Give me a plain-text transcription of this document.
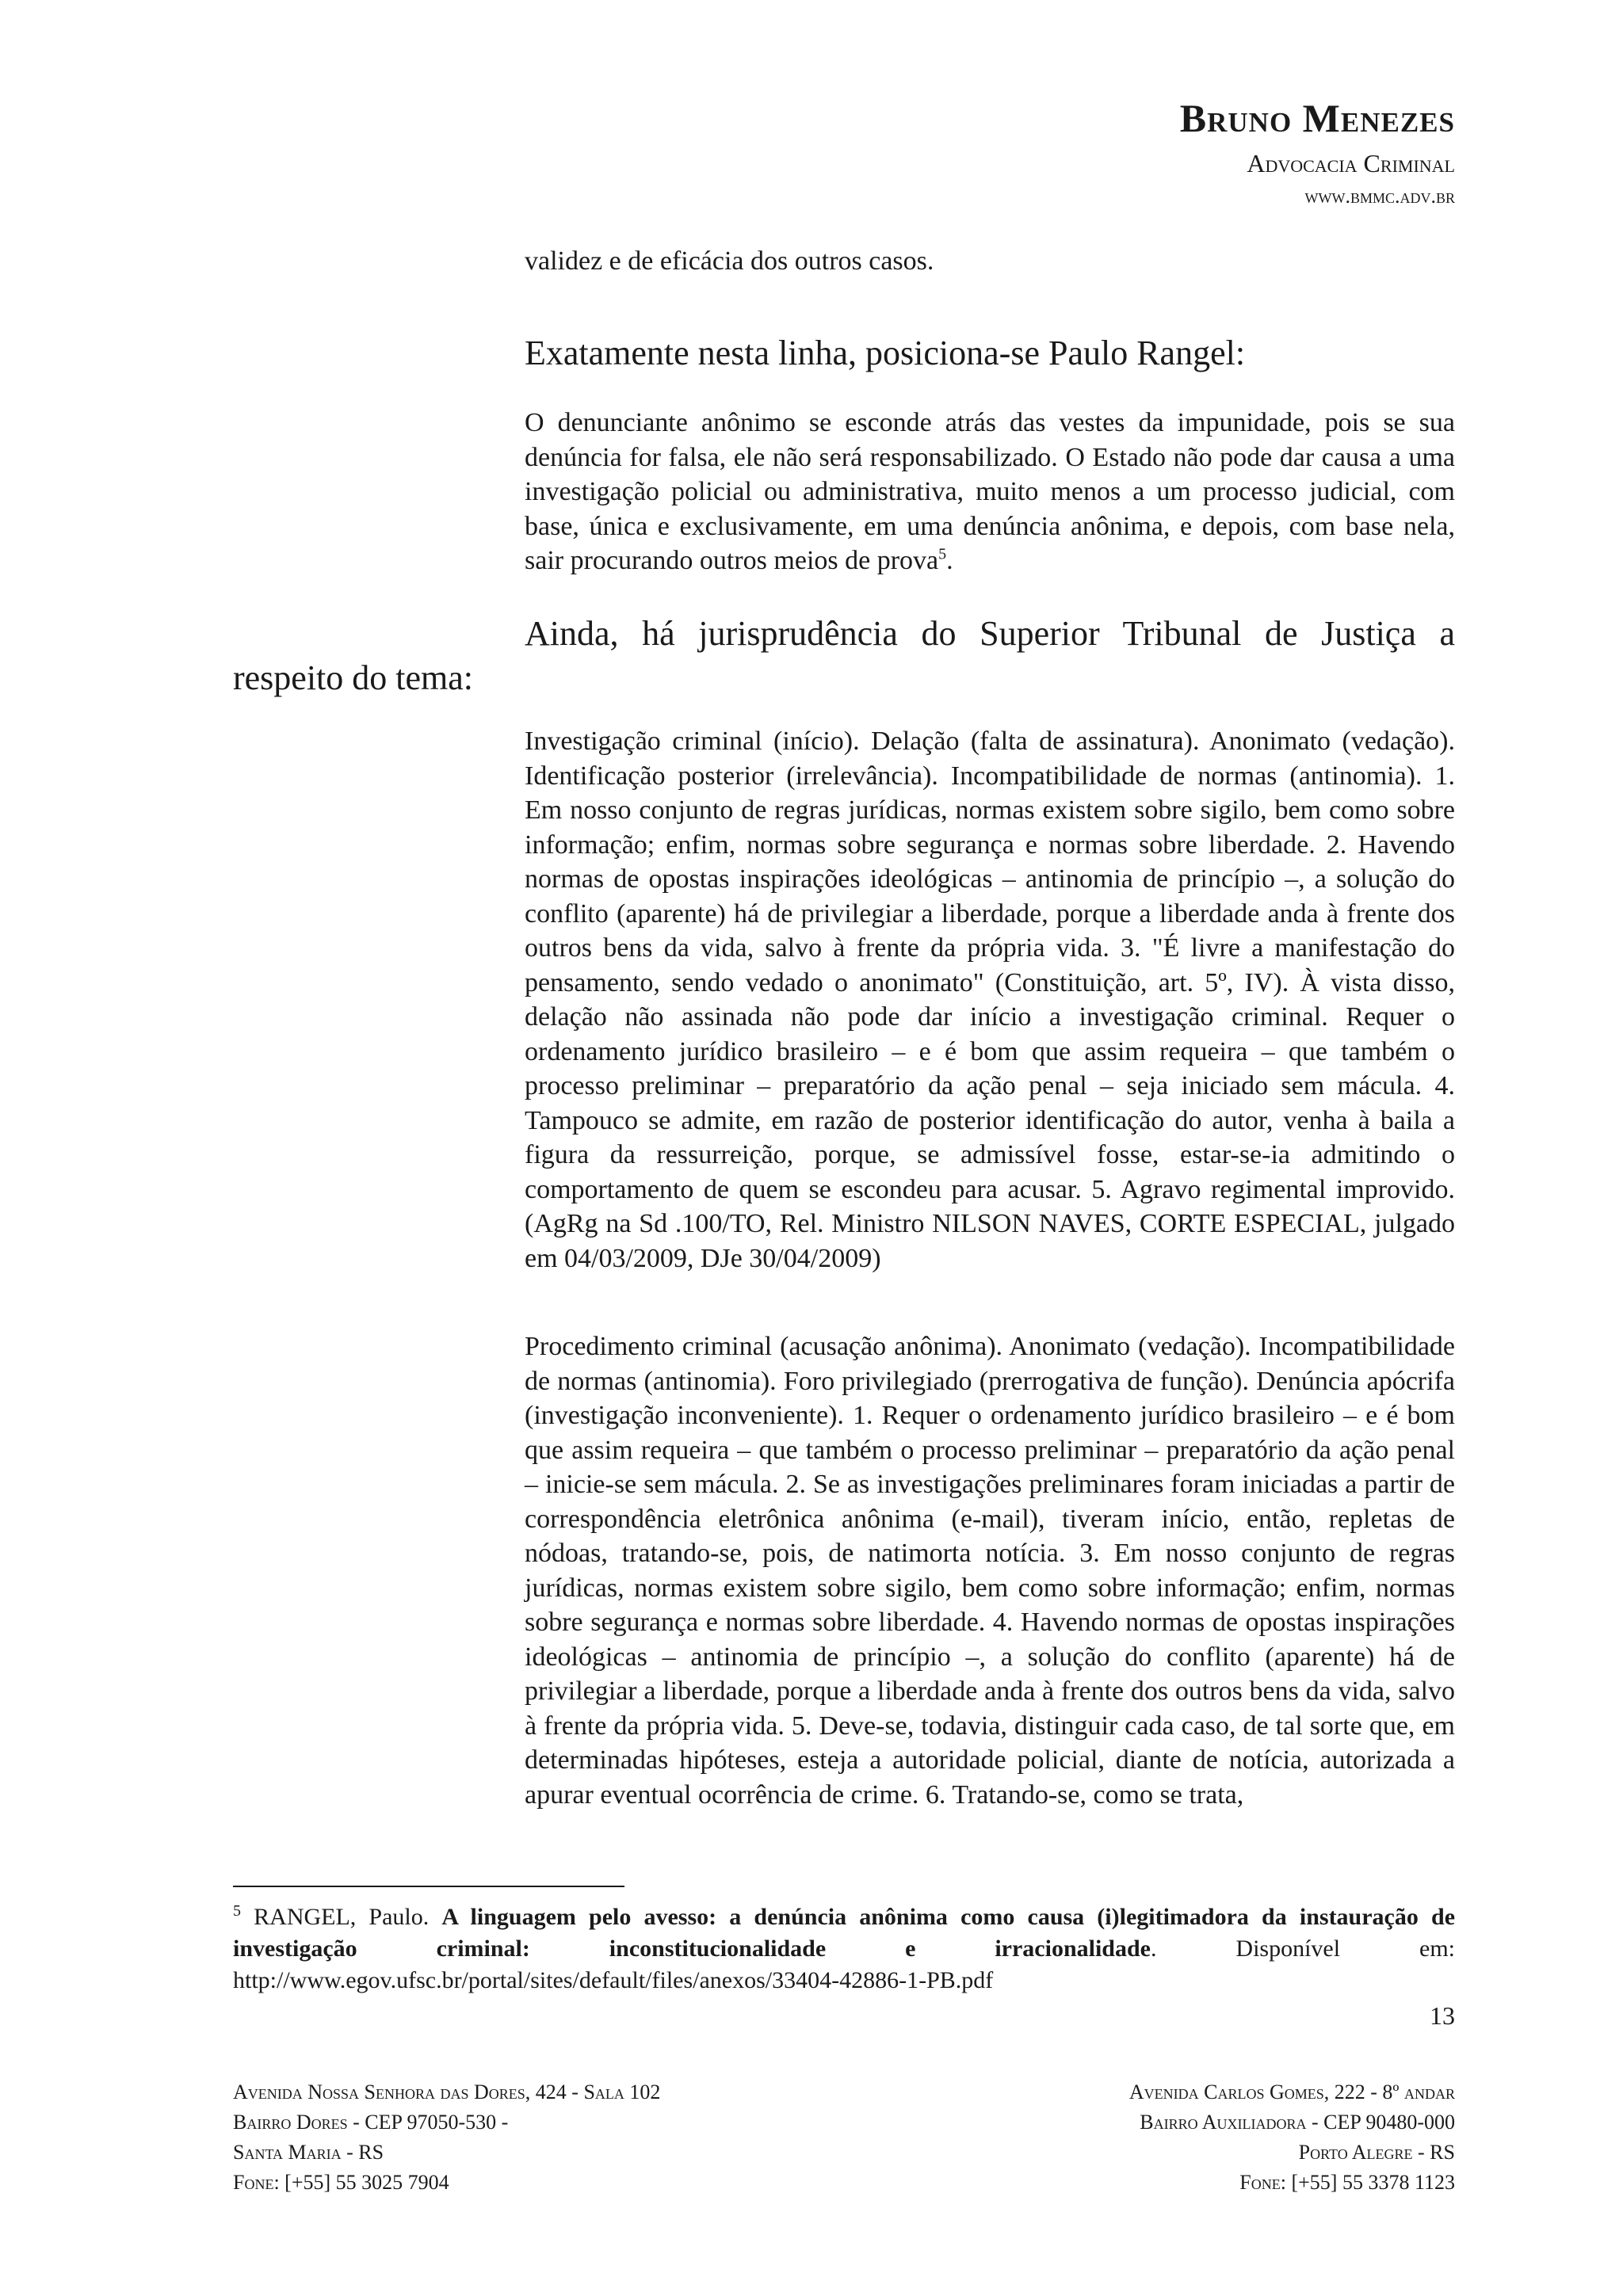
Bruno Menezes
Advocacia Criminal
www.bmmc.adv.br
validez e de eficácia dos outros casos.
Exatamente nesta linha, posiciona-se Paulo Rangel:
O denunciante anônimo se esconde atrás das vestes da impunidade, pois se sua denúncia for falsa, ele não será responsabilizado. O Estado não pode dar causa a uma investigação policial ou administrativa, muito menos a um processo judicial, com base, única e exclusivamente, em uma denúncia anônima, e depois, com base nela, sair procurando outros meios de prova$^5$.
Ainda, há jurisprudência do Superior Tribunal de Justiça a
respeito do tema:
Investigação criminal (início). Delação (falta de assinatura). Anonimato (vedação). Identificação posterior (irrelevância). Incompatibilidade de normas (antinomia). 1. Em nosso conjunto de regras jurídicas, normas existem sobre sigilo, bem como sobre informação; enfim, normas sobre segurança e normas sobre liberdade. 2. Havendo normas de opostas inspirações ideológicas – antinomia de princípio –, a solução do conflito (aparente) há de privilegiar a liberdade, porque a liberdade anda à frente dos outros bens da vida, salvo à frente da própria vida. 3. "É livre a manifestação do pensamento, sendo vedado o anonimato" (Constituição, art. 5º, IV). À vista disso, delação não assinada não pode dar início a investigação criminal. Requer o ordenamento jurídico brasileiro – e é bom que assim requeira – que também o processo preliminar – preparatório da ação penal – seja iniciado sem mácula. 4. Tampouco se admite, em razão de posterior identificação do autor, venha à baila a figura da ressurreição, porque, se admissível fosse, estar-se-ia admitindo o comportamento de quem se escondeu para acusar. 5. Agravo regimental improvido. (AgRg na Sd .100/TO, Rel. Ministro NILSON NAVES, CORTE ESPECIAL, julgado em 04/03/2009, DJe 30/04/2009)
Procedimento criminal (acusação anônima). Anonimato (vedação). Incompatibilidade de normas (antinomia). Foro privilegiado (prerrogativa de função). Denúncia apócrifa (investigação inconveniente). 1. Requer o ordenamento jurídico brasileiro – e é bom que assim requeira – que também o processo preliminar – preparatório da ação penal – inicie-se sem mácula. 2. Se as investigações preliminares foram iniciadas a partir de correspondência eletrônica anônima (e-mail), tiveram início, então, repletas de nódoas, tratando-se, pois, de natimorta notícia. 3. Em nosso conjunto de regras jurídicas, normas existem sobre sigilo, bem como sobre informação; enfim, normas sobre segurança e normas sobre liberdade. 4. Havendo normas de opostas inspirações ideológicas – antinomia de princípio –, a solução do conflito (aparente) há de privilegiar a liberdade, porque a liberdade anda à frente dos outros bens da vida, salvo à frente da própria vida. 5. Deve-se, todavia, distinguir cada caso, de tal sorte que, em determinadas hipóteses, esteja a autoridade policial, diante de notícia, autorizada a apurar eventual ocorrência de crime. 6. Tratando-se, como se trata,
$^5$ RANGEL, Paulo. A linguagem pelo avesso: a denúncia anônima como causa (i)legitimadora da instauração de investigação criminal: inconstitucionalidade e irracionalidade. Disponível em: http://www.egov.ufsc.br/portal/sites/default/files/anexos/33404-42886-1-PB.pdf
13
Avenida Nossa Senhora das Dores, 424 - Sala 102
Bairro Dores - CEP 97050-530 -
Santa Maria - RS
Fone: [+55] 55 3025 7904
Avenida Carlos Gomes, 222 - 8º andar
Bairro Auxiliadora - CEP 90480-000
Porto Alegre - RS
Fone: [+55] 55 3378 1123
